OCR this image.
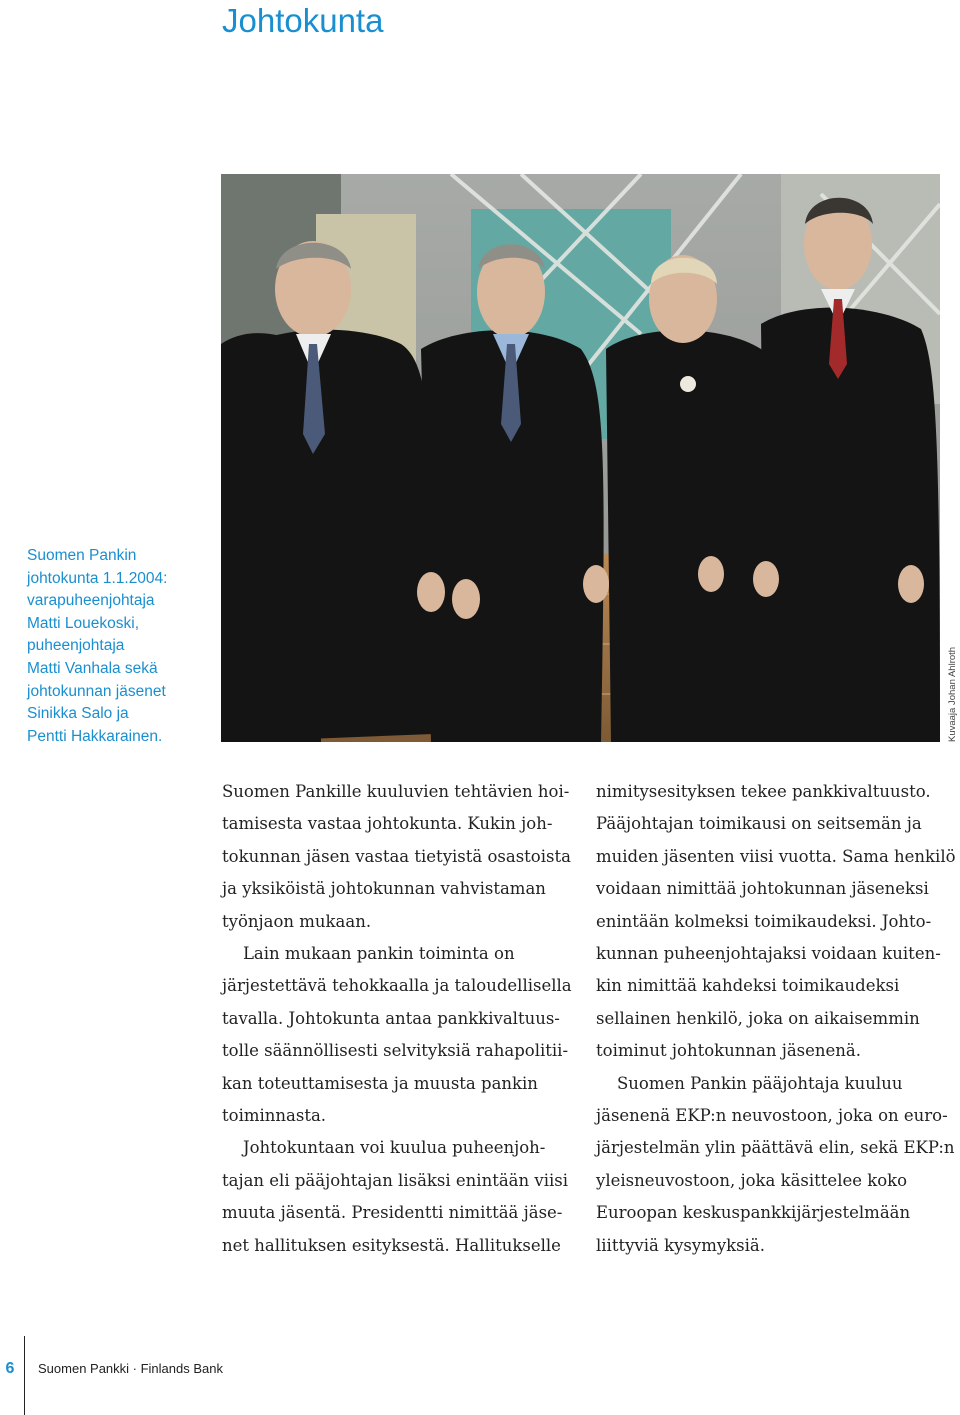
Johtokunta
Suomen Pankin
johtokunta 1.1.2004:
varapuheenjohtaja
Matti Louekoski,
puheenjohtaja
Matti Vanhala sekä
johtokunnan jäsenet
Sinikka Salo ja
Pentti Hakkarainen.	Kuvaaja Johan Ahlroth
Suomen Pankille kuuluvien tehtävien hoi-
tamisesta vastaa johtokunta. Kukin joh-
tokunnan jäsen vastaa tietyistä osastoista
ja yksiköistä johtokunnan vahvistaman
työnjaon mukaan.
Lain mukaan pankin toiminta on
järjestettävä tehokkaalla ja taloudellisella
tavalla. Johtokunta antaa pankkivaltuus-
tolle säännöllisesti selvityksiä rahapolitii-
kan toteuttamisesta ja muusta pankin
toiminnasta.
Johtokuntaan voi kuulua puheenjoh-
tajan eli pääjohtajan lisäksi enintään viisi
muuta jäsentä. Presidentti nimittää jäse-
net hallituksen esityksestä. Hallitukselle
nimitysesityksen tekee pankkivaltuusto.
Pääjohtajan toimikausi on seitsemän ja
muiden jäsenten viisi vuotta. Sama henkilö
voidaan nimittää johtokunnan jäseneksi
enintään kolmeksi toimikaudeksi. Johto-
kunnan puheenjohtajaksi voidaan kuiten-
kin nimittää kahdeksi toimikaudeksi
sellainen henkilö, joka on aikaisemmin
toiminut johtokunnan jäsenenä.
Suomen Pankin pääjohtaja kuuluu
jäsenenä EKP:n neuvostoon, joka on euro-
järjestelmän ylin päättävä elin, sekä EKP:n
yleisneuvostoon, joka käsittelee koko
Euroopan keskuspankkijärjestelmään
liittyviä kysymyksiä.
6	Suomen Pankki · Finlands Bank
